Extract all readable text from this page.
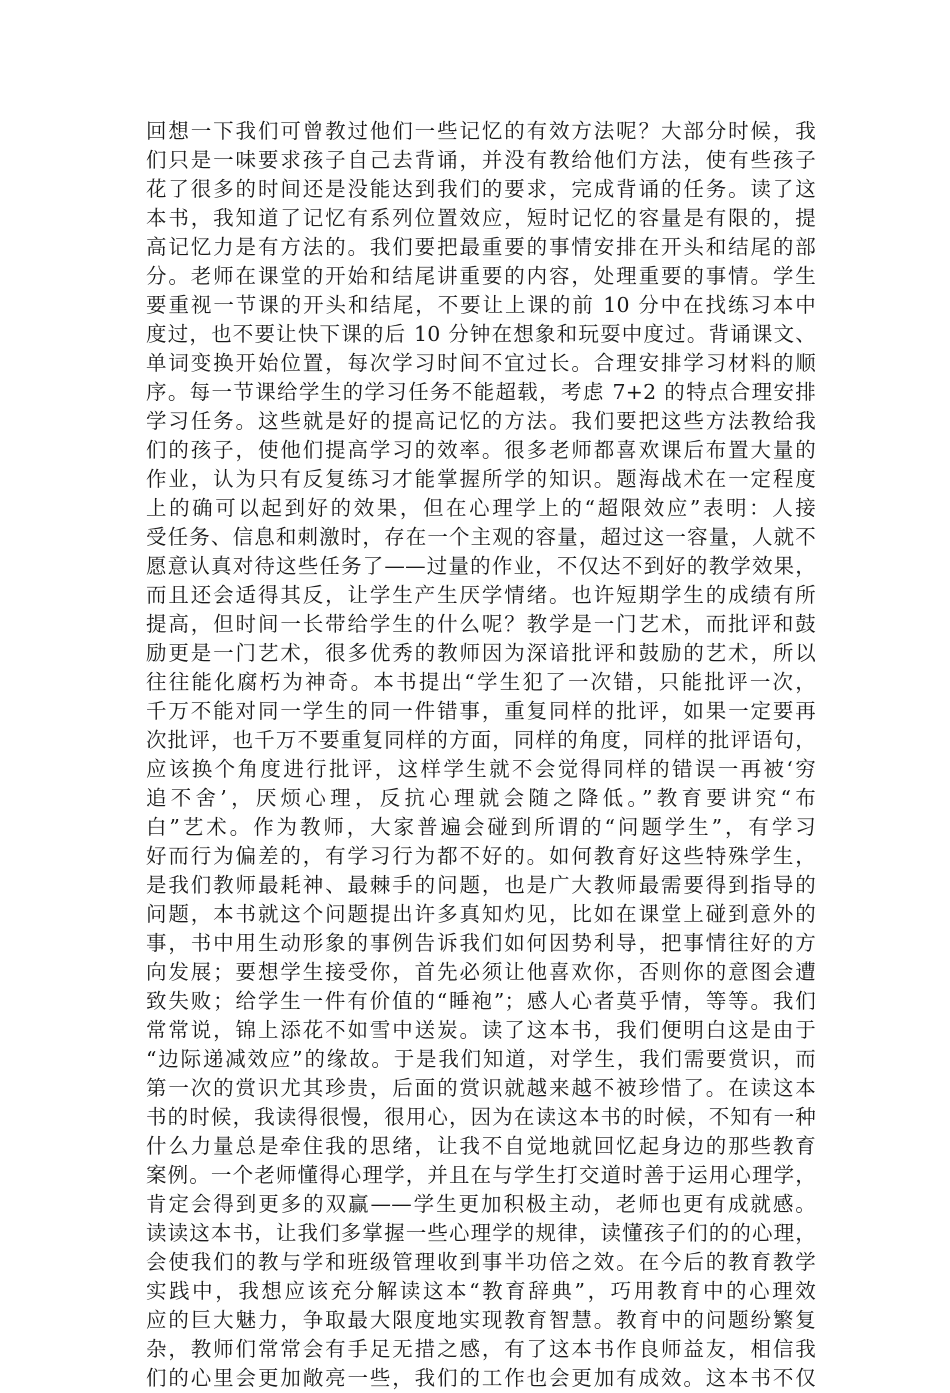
回想一下我们可曾教过他们一些记忆的有效方法呢？大部分时候，我
们只是一味要求孩子自己去背诵，并没有教给他们方法，使有些孩子
花了很多的时间还是没能达到我们的要求，完成背诵的任务。读了这
本书，我知道了记忆有系列位置效应，短时记忆的容量是有限的，提
高记忆力是有方法的。我们要把最重要的事情安排在开头和结尾的部
分。老师在课堂的开始和结尾讲重要的内容，处理重要的事情。学生
要重视一节课的开头和结尾，不要让上课的前 10 分中在找练习本中
度过，也不要让快下课的后 10 分钟在想象和玩耍中度过。背诵课文、
单词变换开始位置，每次学习时间不宜过长。合理安排学习材料的顺
序。每一节课给学生的学习任务不能超载，考虑 7+2 的特点合理安排
学习任务。这些就是好的提高记忆的方法。我们要把这些方法教给我
们的孩子，使他们提高学习的效率。很多老师都喜欢课后布置大量的
作业，认为只有反复练习才能掌握所学的知识。题海战术在一定程度
上的确可以起到好的效果，但在心理学上的“超限效应”表明：人接
受任务、信息和刺激时，存在一个主观的容量，超过这一容量，人就不
愿意认真对待这些任务了——过量的作业，不仅达不到好的教学效果，
而且还会适得其反，让学生产生厌学情绪。也许短期学生的成绩有所
提高，但时间一长带给学生的什么呢？教学是一门艺术，而批评和鼓
励更是一门艺术，很多优秀的教师因为深谙批评和鼓励的艺术，所以
往往能化腐朽为神奇。本书提出“学生犯了一次错，只能批评一次，
千万不能对同一学生的同一件错事，重复同样的批评，如果一定要再
次批评，也千万不要重复同样的方面，同样的角度，同样的批评语句，
应该换个角度进行批评，这样学生就不会觉得同样的错误一再被‘穷
追不舍’，厌烦心理，反抗心理就会随之降低。”教育要讲究“布
白”艺术。作为教师，大家普遍会碰到所谓的“问题学生”，有学习
好而行为偏差的，有学习行为都不好的。如何教育好这些特殊学生，
是我们教师最耗神、最棘手的问题，也是广大教师最需要得到指导的
问题，本书就这个问题提出许多真知灼见，比如在课堂上碰到意外的
事，书中用生动形象的事例告诉我们如何因势利导，把事情往好的方
向发展；要想学生接受你，首先必须让他喜欢你，否则你的意图会遭
致失败；给学生一件有价值的“睡袍”；感人心者莫乎情，等等。我们
常常说，锦上添花不如雪中送炭。读了这本书，我们便明白这是由于
“边际递减效应”的缘故。于是我们知道，对学生，我们需要赏识，而
第一次的赏识尤其珍贵，后面的赏识就越来越不被珍惜了。在读这本
书的时候，我读得很慢，很用心，因为在读这本书的时候，不知有一种
什么力量总是牵住我的思绪，让我不自觉地就回忆起身边的那些教育
案例。一个老师懂得心理学，并且在与学生打交道时善于运用心理学，
肯定会得到更多的双赢——学生更加积极主动，老师也更有成就感。
读读这本书，让我们多掌握一些心理学的规律，读懂孩子们的的心理，
会使我们的教与学和班级管理收到事半功倍之效。在今后的教育教学
实践中，我想应该充分解读这本“教育辞典”，巧用教育中的心理效
应的巨大魅力，争取最大限度地实现教育智慧。教育中的问题纷繁复
杂，教师们常常会有手足无措之感，有了这本书作良师益友，相信我
们的心里会更加敞亮一些，我们的工作也会更加有成效。这本书不仅
